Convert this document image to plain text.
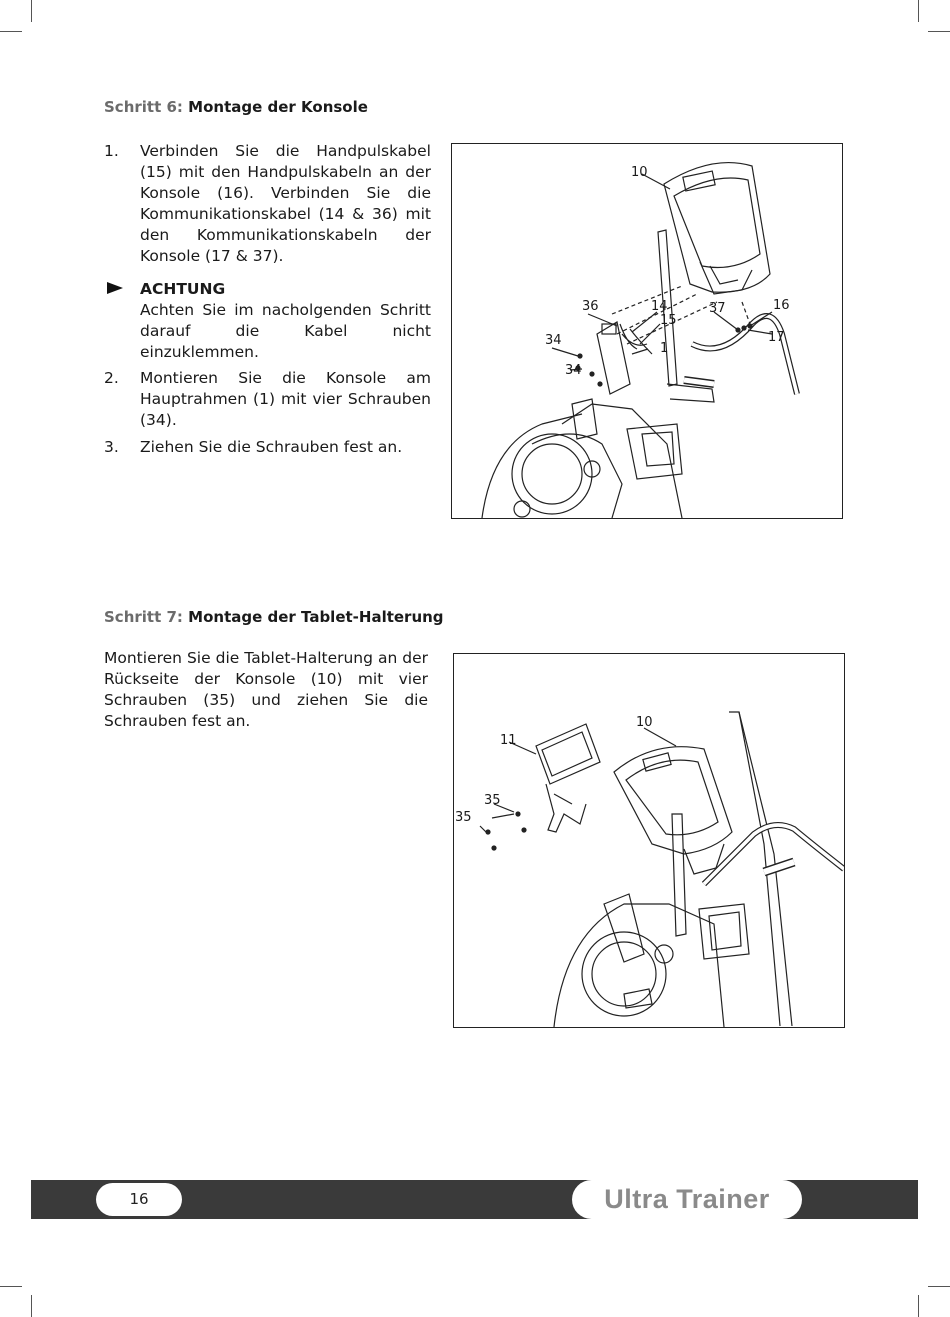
Schritt 6: Montage der Konsole
1. Verbinden Sie die Handpulskabel (15) mit den Handpulskabeln an der Konsole (16). Verbinden Sie die Kommunikationskabel (14 & 36) mit den Kommunikationskabeln der Konsole (17 & 37).
ACHTUNG
Achten Sie im nacholgenden Schritt darauf die Kabel nicht einzuklemmen.
2. Montieren Sie die Konsole am Hauptrahmen (1) mit vier Schrauben (34).
3. Ziehen Sie die Schrauben fest an.
10
36	14
15
37	16
17
1
34
34
Schritt 7: Montage der Tablet-Halterung
Montieren Sie die Tablet-Halterung an der Rückseite der Konsole (10) mit vier Schrauben (35) und ziehen Sie die Schrauben fest an.	10
11
35
35
16	Ultra Trainer
